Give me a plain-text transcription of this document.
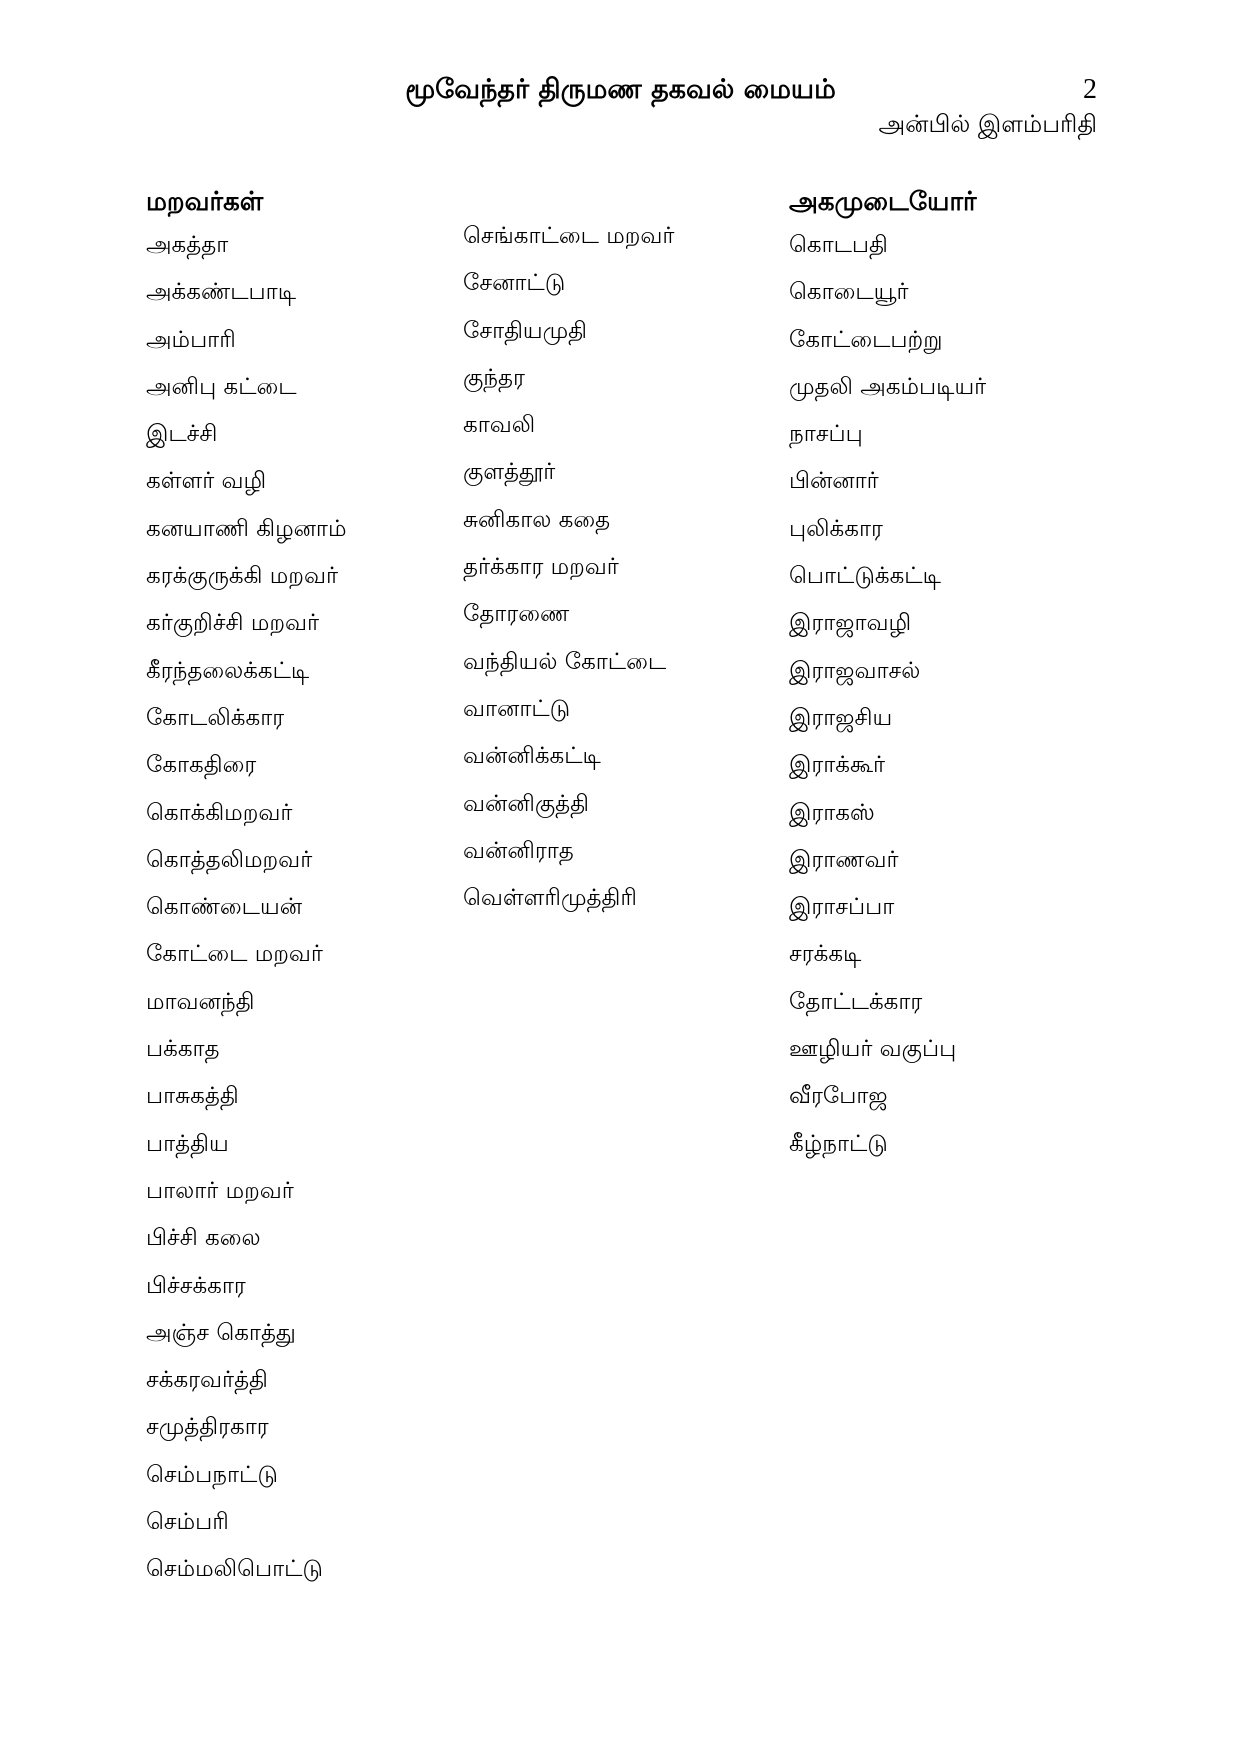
மூவேந்தர் திருமண தகவல் மையம்	2
அன்பில் இளம்பரிதி
மறவர்கள்
அகத்தா
அக்கண்டபாடி
அம்பாரி
அனிபு கட்டை
இடச்சி
கள்ளர் வழி
கனயாணி கிழனாம்
கரக்குருக்கி மறவர்
கர்குறிச்சி மறவர்
கீரந்தலைக்கட்டி
கோடலிக்கார
கோகதிரை
கொக்கிமறவர்
கொத்தலிமறவர்
கொண்டையன்
கோட்டை மறவர்
மாவனந்தி
பக்காத
பாசுகத்தி
பாத்திய
பாலார் மறவர்
பிச்சி கலை
பிச்சக்கார
அஞ்ச கொத்து
சக்கரவர்த்தி
சமுத்திரகார
செம்பநாட்டு
செம்பரி
செம்மலிபொட்டு
செங்காட்டை மறவர்
சேனாட்டு
சோதியமுதி
குந்தர
காவலி
குளத்தூர்
சுனிகால கதை
தர்க்கார மறவர்
தோரணை
வந்தியல் கோட்டை
வானாட்டு
வன்னிக்கட்டி
வன்னிகுத்தி
வன்னிராத
வெள்ளரிமுத்திரி
அகமுடையோர்
கொடபதி
கொடையூர்
கோட்டைபற்று
முதலி அகம்படியர்
நாசப்பு
பின்னார்
புலிக்கார
பொட்டுக்கட்டி
இராஜாவழி
இராஜவாசல்
இராஜசிய
இராக்கூர்
இராகஸ்
இராணவர்
இராசப்பா
சரக்கடி
தோட்டக்கார
ஊழியர் வகுப்பு
வீரபோஜ
கீழ்நாட்டு
